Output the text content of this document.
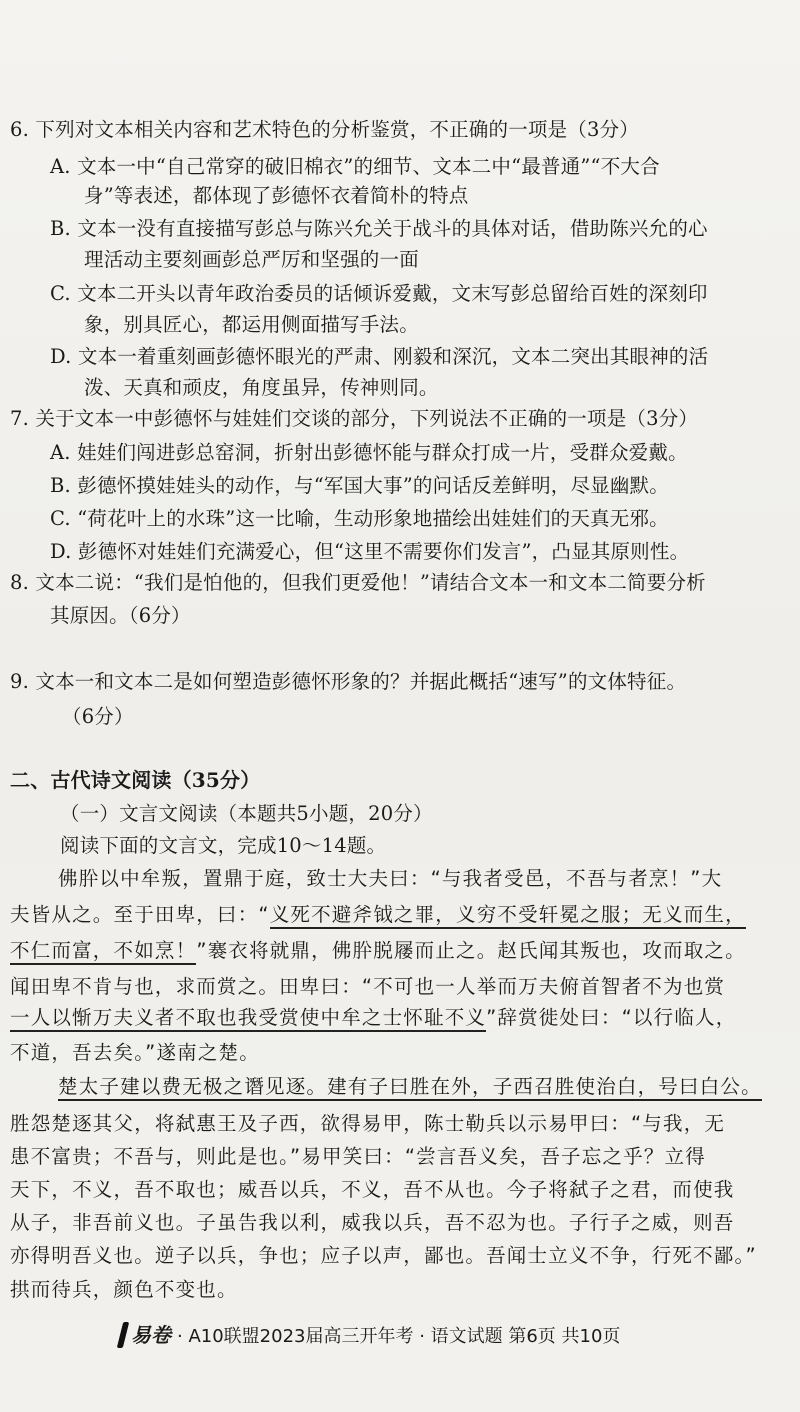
6. 下列对文本相关内容和艺术特色的分析鉴赏，不正确的一项是（3分）
A. 文本一中“自己常穿的破旧棉衣”的细节、文本二中“最普通”“不大合
身”等表述，都体现了彭德怀衣着简朴的特点
B. 文本一没有直接描写彭总与陈兴允关于战斗的具体对话，借助陈兴允的心
理活动主要刻画彭总严厉和坚强的一面
C. 文本二开头以青年政治委员的话倾诉爱戴，文末写彭总留给百姓的深刻印
象，别具匠心，都运用侧面描写手法。
D. 文本一着重刻画彭德怀眼光的严肃、刚毅和深沉，文本二突出其眼神的活
泼、天真和顽皮，角度虽异，传神则同。
7. 关于文本一中彭德怀与娃娃们交谈的部分，下列说法不正确的一项是（3分）
A. 娃娃们闯进彭总窑洞，折射出彭德怀能与群众打成一片，受群众爱戴。
B. 彭德怀摸娃娃头的动作，与“军国大事”的问话反差鲜明，尽显幽默。
C. “荷花叶上的水珠”这一比喻，生动形象地描绘出娃娃们的天真无邪。
D. 彭德怀对娃娃们充满爱心，但“这里不需要你们发言”，凸显其原则性。
8. 文本二说：“我们是怕他的，但我们更爱他！”请结合文本一和文本二简要分析
其原因。（6分）
9. 文本一和文本二是如何塑造彭德怀形象的？并据此概括“速写”的文体特征。
（6分）
二、古代诗文阅读（35分）
（一）文言文阅读（本题共5小题，20分）
阅读下面的文言文，完成10～14题。
佛肸以中牟叛，置鼎于庭，致士大夫曰：“与我者受邑，不吾与者烹！”大
夫皆从之。至于田卑，曰：“义死不避斧钺之罪，义穷不受轩冕之服；无义而生，
不仁而富，不如烹！”褰衣将就鼎，佛肸脱屦而止之。赵氏闻其叛也，攻而取之。
闻田卑不肯与也，求而赏之。田卑曰：“不可也一人举而万夫俯首智者不为也赏
一人以惭万夫义者不取也我受赏使中牟之士怀耻不义”辞赏徙处曰：“以行临人，
不道，吾去矣。”遂南之楚。
楚太子建以费无极之谮见逐。建有子曰胜在外，子西召胜使治白，号曰白公。
胜怨楚逐其父，将弑惠王及子西，欲得易甲，陈士勒兵以示易甲曰：“与我，无
患不富贵；不吾与，则此是也。”易甲笑曰：“尝言吾义矣，吾子忘之乎？立得
天下，不义，吾不取也；威吾以兵，不义，吾不从也。今子将弑子之君，而使我
从子，非吾前义也。子虽告我以利，威我以兵，吾不忍为也。子行子之威，则吾
亦得明吾义也。逆子以兵，争也；应子以声，鄙也。吾闻士立义不争，行死不鄙。”
拱而待兵，颜色不变也。
易卷 · A10联盟2023届高三开年考 · 语文试题 第6页 共10页
